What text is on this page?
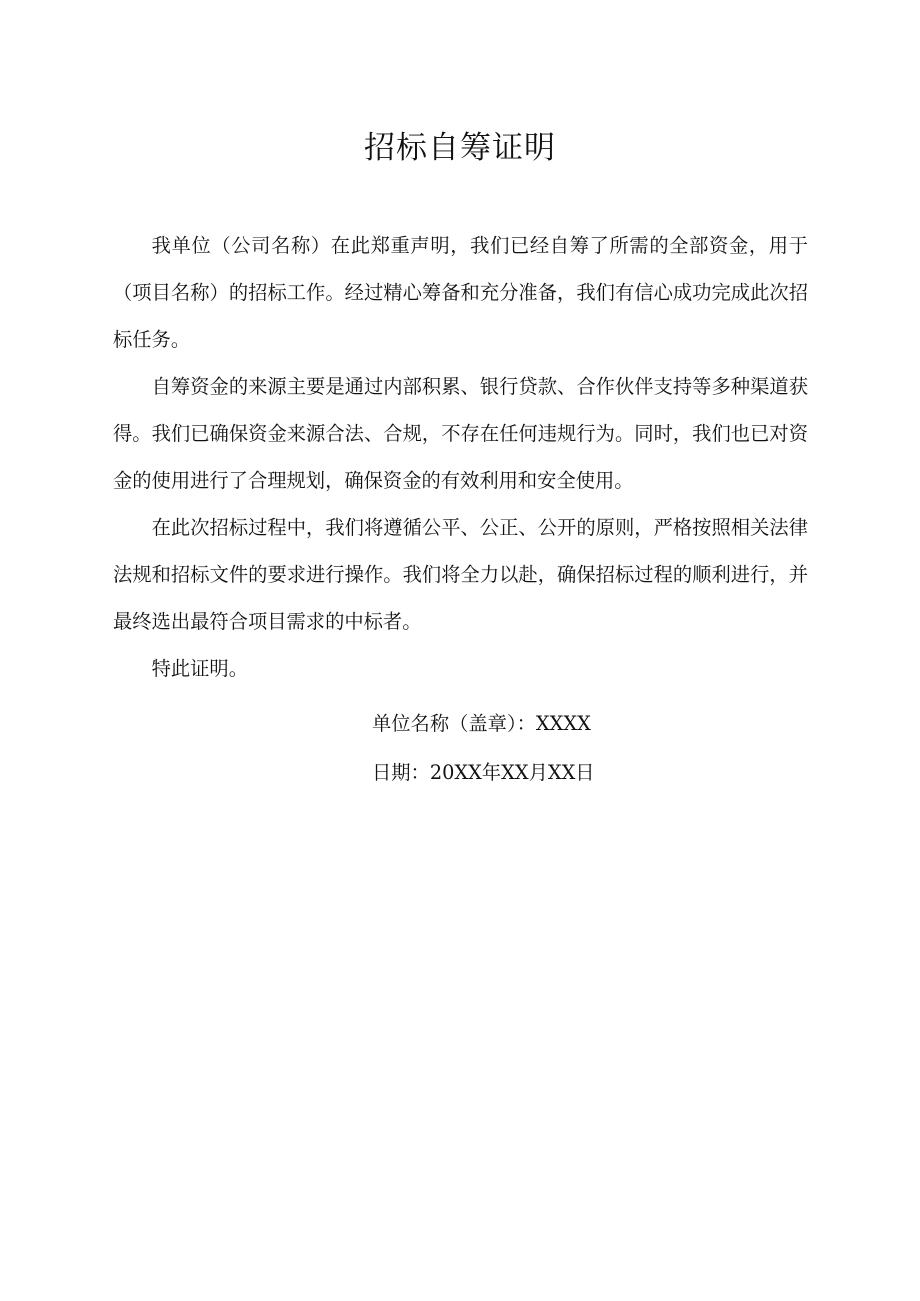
招标自筹证明

我单位（公司名称）在此郑重声明，我们已经自筹了所需的全部资金，用于（项目名称）的招标工作。经过精心筹备和充分准备，我们有信心成功完成此次招标任务。

自筹资金的来源主要是通过内部积累、银行贷款、合作伙伴支持等多种渠道获得。我们已确保资金来源合法、合规，不存在任何违规行为。同时，我们也已对资金的使用进行了合理规划，确保资金的有效利用和安全使用。

在此次招标过程中，我们将遵循公平、公正、公开的原则，严格按照相关法律法规和招标文件的要求进行操作。我们将全力以赴，确保招标过程的顺利进行，并最终选出最符合项目需求的中标者。

特此证明。

单位名称（盖章）：XXXX
日期：20XX年XX月XX日
